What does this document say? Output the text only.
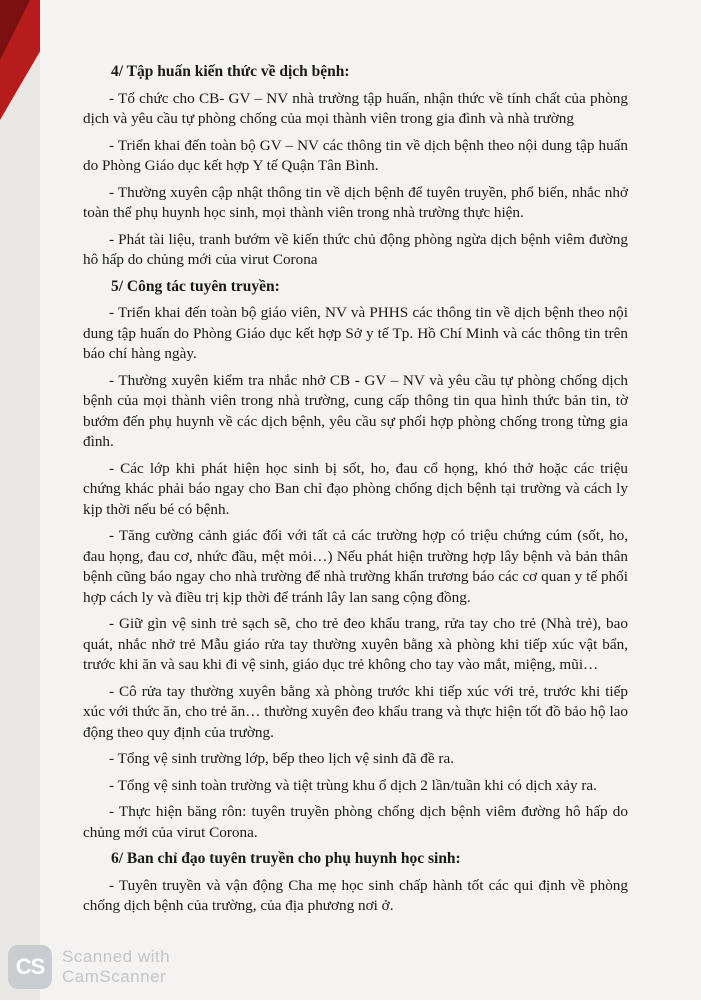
4/ Tập huấn kiến thức về dịch bệnh:

- Tổ chức cho CB- GV – NV nhà trường tập huấn, nhận thức về tính chất của phòng dịch và yêu cầu tự phòng chống của mọi thành viên trong gia đình và nhà trường

- Triển khai đến toàn bộ GV – NV các thông tin về dịch bệnh theo nội dung tập huấn do Phòng Giáo dục kết hợp Y tế Quận Tân Bình.

- Thường xuyên cập nhật thông tin về dịch bệnh để tuyên truyền, phổ biến, nhắc nhở toàn thể phụ huynh học sinh, mọi thành viên trong nhà trường thực hiện.

- Phát tài liệu, tranh bướm về kiến thức chủ động phòng ngừa dịch bệnh viêm đường hô hấp do chủng mới của virut Corona

5/ Công tác tuyên truyền:

- Triển khai đến toàn bộ giáo viên, NV và PHHS các thông tin về dịch bệnh theo nội dung tập huấn do Phòng Giáo dục kết hợp Sở y tế Tp. Hồ Chí Minh và các thông tin trên báo chí hàng ngày.

- Thường xuyên kiểm tra nhắc nhở CB - GV – NV và yêu cầu tự phòng chống dịch bệnh của mọi thành viên trong nhà trường, cung cấp thông tin qua hình thức bản tin, tờ bướm đến phụ huynh về các dịch bệnh, yêu cầu sự phối hợp phòng chống trong từng gia đình.

- Các lớp khi phát hiện học sinh bị sốt, ho, đau cổ họng, khó thở hoặc các triệu chứng khác phải báo ngay cho Ban chỉ đạo phòng chống dịch bệnh tại trường và cách ly kịp thời nếu bé có bệnh.

- Tăng cường cảnh giác đối với tất cả các trường hợp có triệu chứng cúm (sốt, ho, đau họng, đau cơ, nhức đầu, mệt mỏi…) Nếu phát hiện trường hợp lây bệnh và bản thân bệnh cũng báo ngay cho nhà trường để nhà trường khẩn trương báo các cơ quan y tế phối hợp cách ly và điều trị kịp thời để tránh lây lan sang cộng đồng.

- Giữ gìn vệ sinh trẻ sạch sẽ, cho trẻ đeo khẩu trang, rửa tay cho trẻ (Nhà trẻ), bao quát, nhắc nhở trẻ Mẫu giáo rửa tay thường xuyên bằng xà phòng khi tiếp xúc vật bẩn, trước khi ăn và sau khi đi vệ sinh, giáo dục trẻ không cho tay vào mắt, miệng, mũi…

- Cô rửa tay thường xuyên bằng xà phòng trước khi tiếp xúc với trẻ, trước khi tiếp xúc với thức ăn, cho trẻ ăn… thường xuyên đeo khẩu trang và thực hiện tốt đồ bảo hộ lao động theo quy định của trường.

- Tổng vệ sinh trường lớp, bếp theo lịch vệ sinh đã đề ra.

- Tổng vệ sinh toàn trường và tiệt trùng khu ổ dịch 2 lần/tuần khi có dịch xảy ra.

- Thực hiện băng rôn: tuyên truyền phòng chống dịch bệnh viêm đường hô hấp do chủng mới của virut Corona.

6/ Ban chỉ đạo tuyên truyền cho phụ huynh học sinh:

- Tuyên truyền và vận động Cha mẹ học sinh chấp hành tốt các qui định về phòng chống dịch bệnh của trường, của địa phương nơi ở.

CS	Scanned with
CamScanner
